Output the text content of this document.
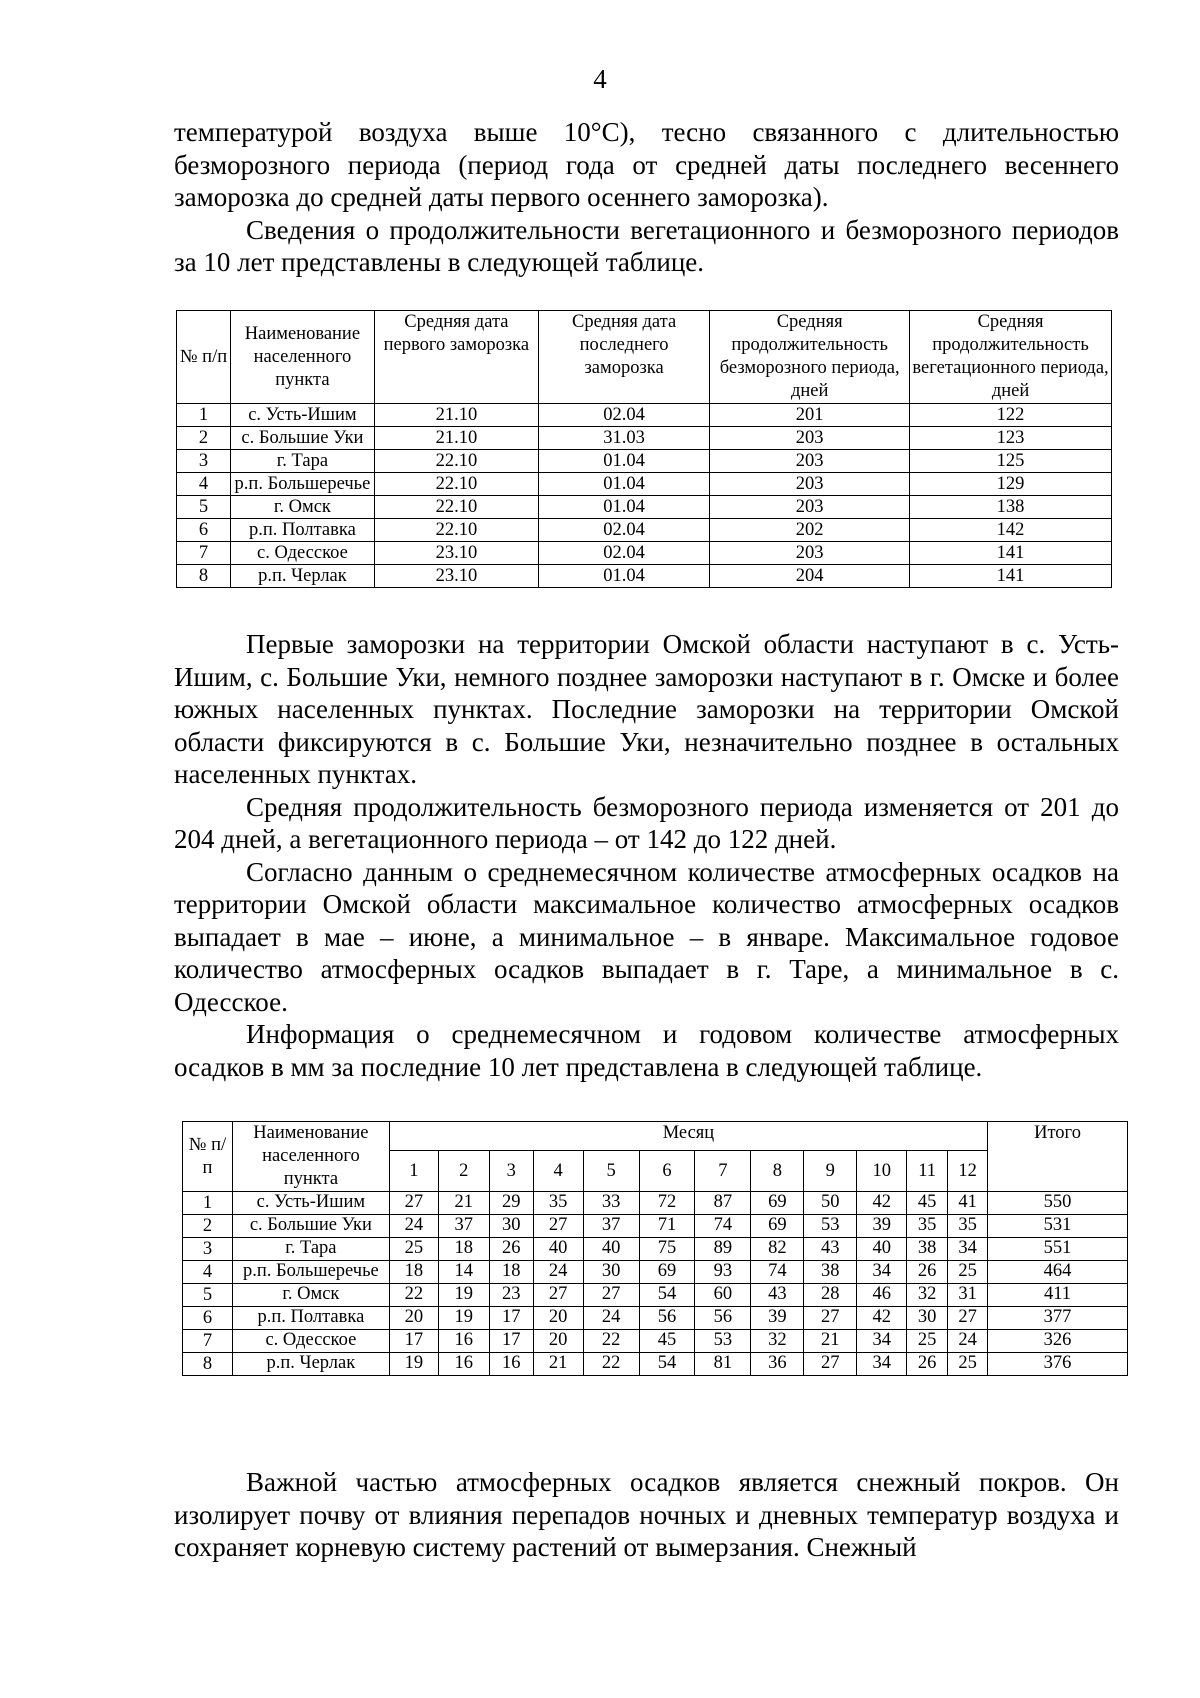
4

температурой воздуха выше 10°C), тесно связанного с длительностью безморозного периода (период года от средней даты последнего весеннего заморозка до средней даты первого осеннего заморозка).

Сведения о продолжительности вегетационного и безморозного периодов за 10 лет представлены в следующей таблице.

№ п/п	Наименование населенного пункта	Средняя дата первого заморозка	Средняя дата последнего заморозка	Средняя продолжительность безморозного периода, дней	Средняя продолжительность вегетационного периода, дней
1	с. Усть-Ишим	21.10	02.04	201	122
2	с. Большие Уки	21.10	31.03	203	123
3	г. Тара	22.10	01.04	203	125
4	р.п. Большеречье	22.10	01.04	203	129
5	г. Омск	22.10	01.04	203	138
6	р.п. Полтавка	22.10	02.04	202	142
7	с. Одесское	23.10	02.04	203	141
8	р.п. Черлак	23.10	01.04	204	141

Первые заморозки на территории Омской области наступают в с. Усть-Ишим, с. Большие Уки, немного позднее заморозки наступают в г. Омске и более южных населенных пунктах. Последние заморозки на территории Омской области фиксируются в с. Большие Уки, незначительно позднее в остальных населенных пунктах.

Средняя продолжительность безморозного периода изменяется от 201 до 204 дней, а вегетационного периода – от 142 до 122 дней.

Согласно данным о среднемесячном количестве атмосферных осадков на территории Омской области максимальное количество атмосферных осадков выпадает в мае – июне, а минимальное – в январе. Максимальное годовое количество атмосферных осадков выпадает в г. Таре, а минимальное в с. Одесское.

Информация о среднемесячном и годовом количестве атмосферных осадков в мм за последние 10 лет представлена в следующей таблице.

№ п/п	Наименование населенного пункта	Месяц												Итого
		1	2	3	4	5	6	7	8	9	10	11	12	
1	с. Усть-Ишим	27	21	29	35	33	72	87	69	50	42	45	41	550
2	с. Большие Уки	24	37	30	27	37	71	74	69	53	39	35	35	531
3	г. Тара	25	18	26	40	40	75	89	82	43	40	38	34	551
4	р.п. Большеречье	18	14	18	24	30	69	93	74	38	34	26	25	464
5	г. Омск	22	19	23	27	27	54	60	43	28	46	32	31	411
6	р.п. Полтавка	20	19	17	20	24	56	56	39	27	42	30	27	377
7	с. Одесское	17	16	17	20	22	45	53	32	21	34	25	24	326
8	р.п. Черлак	19	16	16	21	22	54	81	36	27	34	26	25	376

Важной частью атмосферных осадков является снежный покров. Он изолирует почву от влияния перепадов ночных и дневных температур воздуха и сохраняет корневую систему растений от вымерзания. Снежный
